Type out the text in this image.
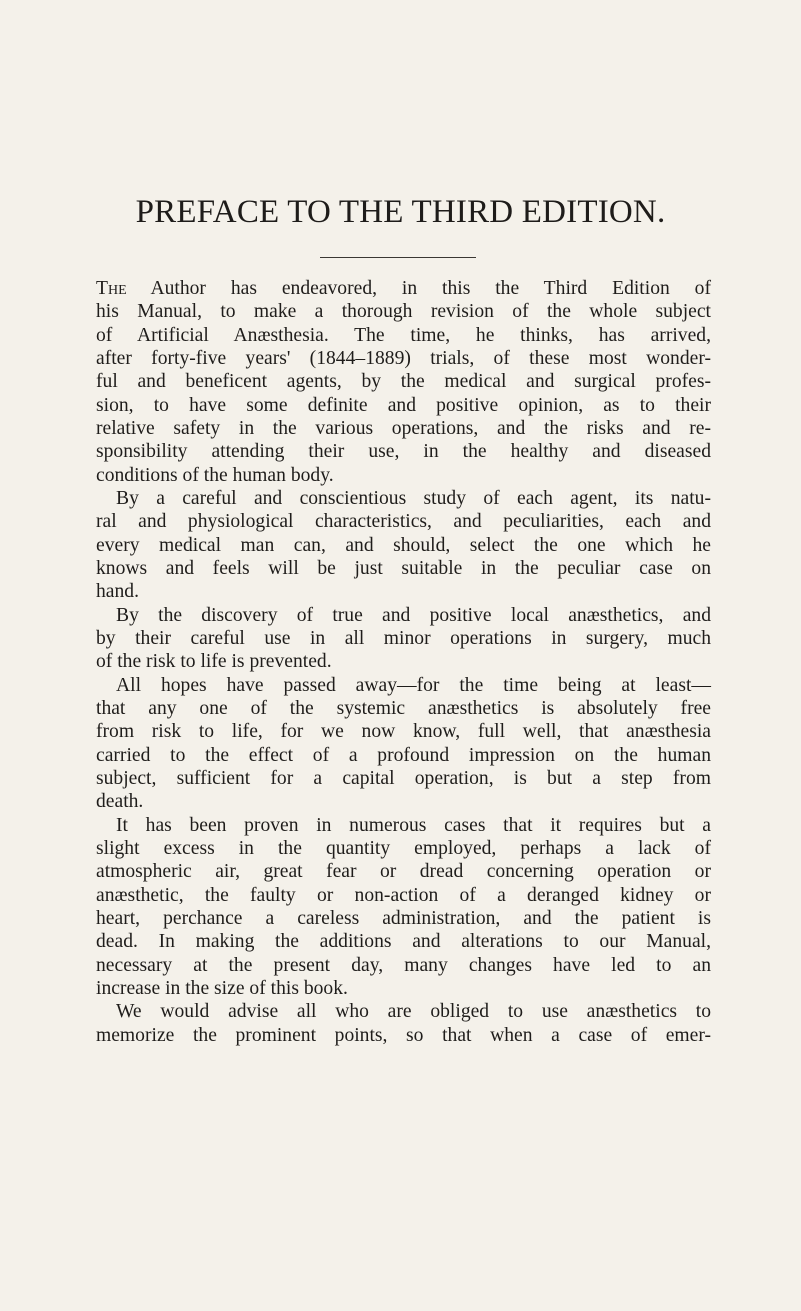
PREFACE TO THE THIRD EDITION.
The Author has endeavored, in this the Third Edition of
his Manual, to make a thorough revision of the whole subject
of Artificial Anæsthesia. The time, he thinks, has arrived,
after forty-five years' (1844–1889) trials, of these most wonder-
ful and beneficent agents, by the medical and surgical profes-
sion, to have some definite and positive opinion, as to their
relative safety in the various operations, and the risks and re-
sponsibility attending their use, in the healthy and diseased
conditions of the human body.
By a careful and conscientious study of each agent, its natu-
ral and physiological characteristics, and peculiarities, each and
every medical man can, and should, select the one which he
knows and feels will be just suitable in the peculiar case on
hand.
By the discovery of true and positive local anæsthetics, and
by their careful use in all minor operations in surgery, much
of the risk to life is prevented.
All hopes have passed away—for the time being at least—
that any one of the systemic anæsthetics is absolutely free
from risk to life, for we now know, full well, that anæsthesia
carried to the effect of a profound impression on the human
subject, sufficient for a capital operation, is but a step from
death.
It has been proven in numerous cases that it requires but a
slight excess in the quantity employed, perhaps a lack of
atmospheric air, great fear or dread concerning operation or
anæsthetic, the faulty or non-action of a deranged kidney or
heart, perchance a careless administration, and the patient is
dead. In making the additions and alterations to our Manual,
necessary at the present day, many changes have led to an
increase in the size of this book.
We would advise all who are obliged to use anæsthetics to
memorize the prominent points, so that when a case of emer-
